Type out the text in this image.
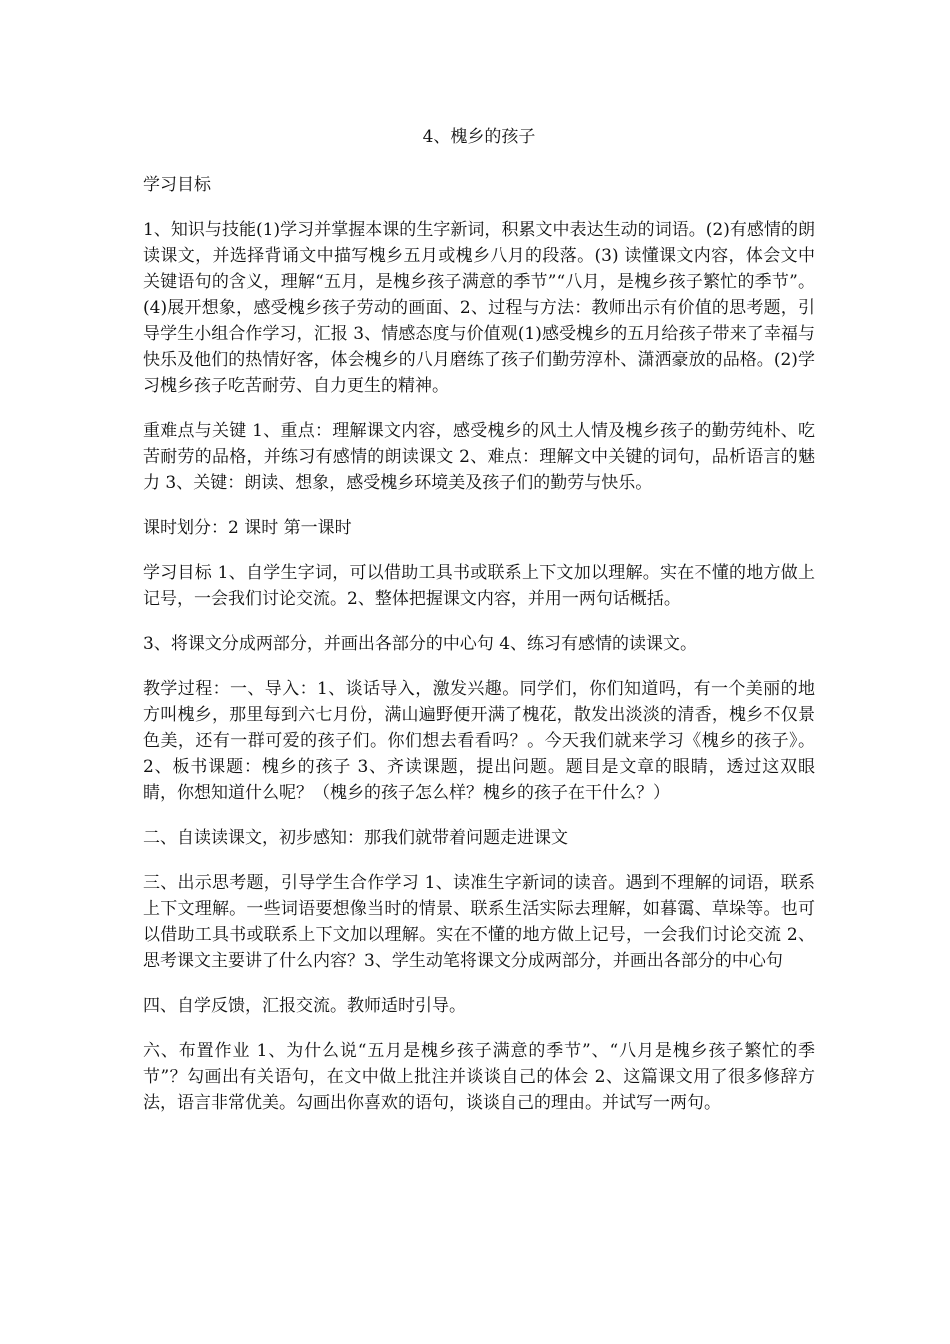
4、槐乡的孩子

学习目标

1、知识与技能(1)学习并掌握本课的生字新词，积累文中表达生动的词语。(2)有感情的朗读课文，并选择背诵文中描写槐乡五月或槐乡八月的段落。(3) 读懂课文内容，体会文中关键语句的含义，理解“五月，是槐乡孩子满意的季节”“八月，是槐乡孩子繁忙的季节”。(4)展开想象，感受槐乡孩子劳动的画面、2、过程与方法：教师出示有价值的思考题，引导学生小组合作学习，汇报 3、情感态度与价值观(1)感受槐乡的五月给孩子带来了幸福与快乐及他们的热情好客，体会槐乡的八月磨练了孩子们勤劳淳朴、潇洒豪放的品格。(2)学习槐乡孩子吃苦耐劳、自力更生的精神。

重难点与关键 1、重点：理解课文内容，感受槐乡的风土人情及槐乡孩子的勤劳纯朴、吃苦耐劳的品格，并练习有感情的朗读课文 2、难点：理解文中关键的词句，品析语言的魅力 3、关键：朗读、想象，感受槐乡环境美及孩子们的勤劳与快乐。

课时划分：2 课时 第一课时

学习目标 1、自学生字词，可以借助工具书或联系上下文加以理解。实在不懂的地方做上记号，一会我们讨论交流。2、整体把握课文内容，并用一两句话概括。

3、将课文分成两部分，并画出各部分的中心句 4、练习有感情的读课文。

教学过程：一、导入：1、谈话导入，激发兴趣。同学们，你们知道吗，有一个美丽的地方叫槐乡，那里每到六七月份，满山遍野便开满了槐花，散发出淡淡的清香，槐乡不仅景色美，还有一群可爱的孩子们。你们想去看看吗？。今天我们就来学习《槐乡的孩子》。2、板书课题：槐乡的孩子 3、齐读课题，提出问题。题目是文章的眼睛，透过这双眼睛，你想知道什么呢？（槐乡的孩子怎么样？槐乡的孩子在干什么？）

二、自读读课文，初步感知：那我们就带着问题走进课文

三、出示思考题，引导学生合作学习 1、读准生字新词的读音。遇到不理解的词语，联系上下文理解。一些词语要想像当时的情景、联系生活实际去理解，如暮霭、草垛等。也可以借助工具书或联系上下文加以理解。实在不懂的地方做上记号，一会我们讨论交流 2、思考课文主要讲了什么内容？3、学生动笔将课文分成两部分，并画出各部分的中心句

四、自学反馈，汇报交流。教师适时引导。

六、布置作业 1、为什么说“五月是槐乡孩子满意的季节”、“八月是槐乡孩子繁忙的季节”？勾画出有关语句，在文中做上批注并谈谈自己的体会 2、这篇课文用了很多修辞方法，语言非常优美。勾画出你喜欢的语句，谈谈自己的理由。并试写一两句。
